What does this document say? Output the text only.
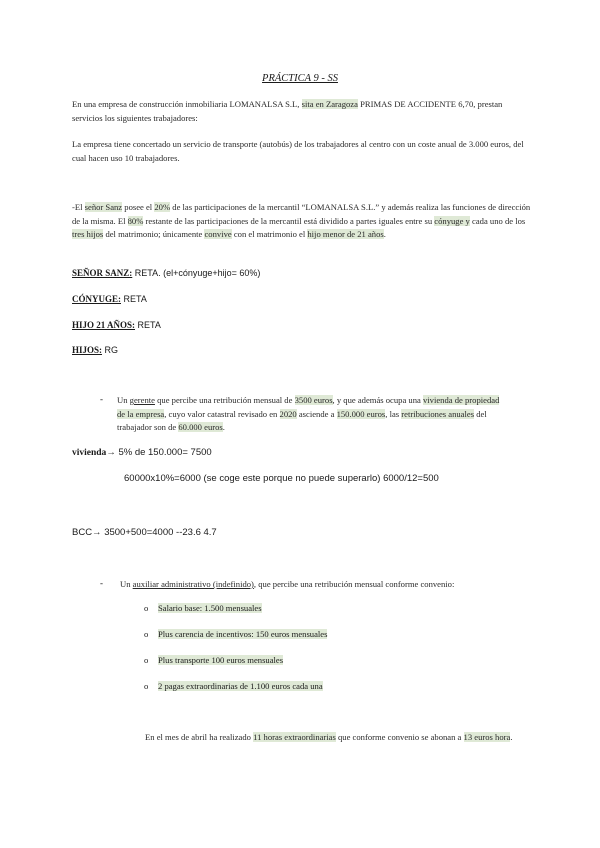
PRÁCTICA 9 - SS
En una empresa de construcción inmobiliaria LOMANALSA S.L, sita en Zaragoza PRIMAS DE ACCIDENTE 6,70, prestan servicios los siguientes trabajadores:
La empresa tiene concertado un servicio de transporte (autobús) de los trabajadores al centro con un coste anual de 3.000 euros, del cual hacen uso 10 trabajadores.
-El señor Sanz posee el 20% de las participaciones de la mercantil “LOMANALSA S.L.” y además realiza las funciones de dirección de la misma. El 80% restante de las participaciones de la mercantil está dividido a partes iguales entre su cónyuge y cada uno de los tres hijos del matrimonio; únicamente convive con el matrimonio el hijo menor de 21 años.
SEÑOR SANZ: RETA. (el+cónyuge+hijo= 60%)
CÓNYUGE: RETA
HIJO 21 AÑOS: RETA
HIJOS: RG
- Un gerente que percibe una retribución mensual de 3500 euros, y que además ocupa una vivienda de propiedad de la empresa, cuyo valor catastral revisado en 2020 asciende a 150.000 euros, las retribuciones anuales del trabajador son de 60.000 euros.
vivienda→ 5% de 150.000= 7500
60000x10%=6000 (se coge este porque no puede superarlo) 6000/12=500
BCC→ 3500+500=4000 --23.6 4.7
- Un auxiliar administrativo (indefinido), que percibe una retribución mensual conforme convenio:
o Salario base: 1.500 mensuales
o Plus carencia de incentivos: 150 euros mensuales
o Plus transporte 100 euros mensuales
o 2 pagas extraordinarias de 1.100 euros cada una
En el mes de abril ha realizado 11 horas extraordinarias que conforme convenio se abonan a 13 euros hora.
